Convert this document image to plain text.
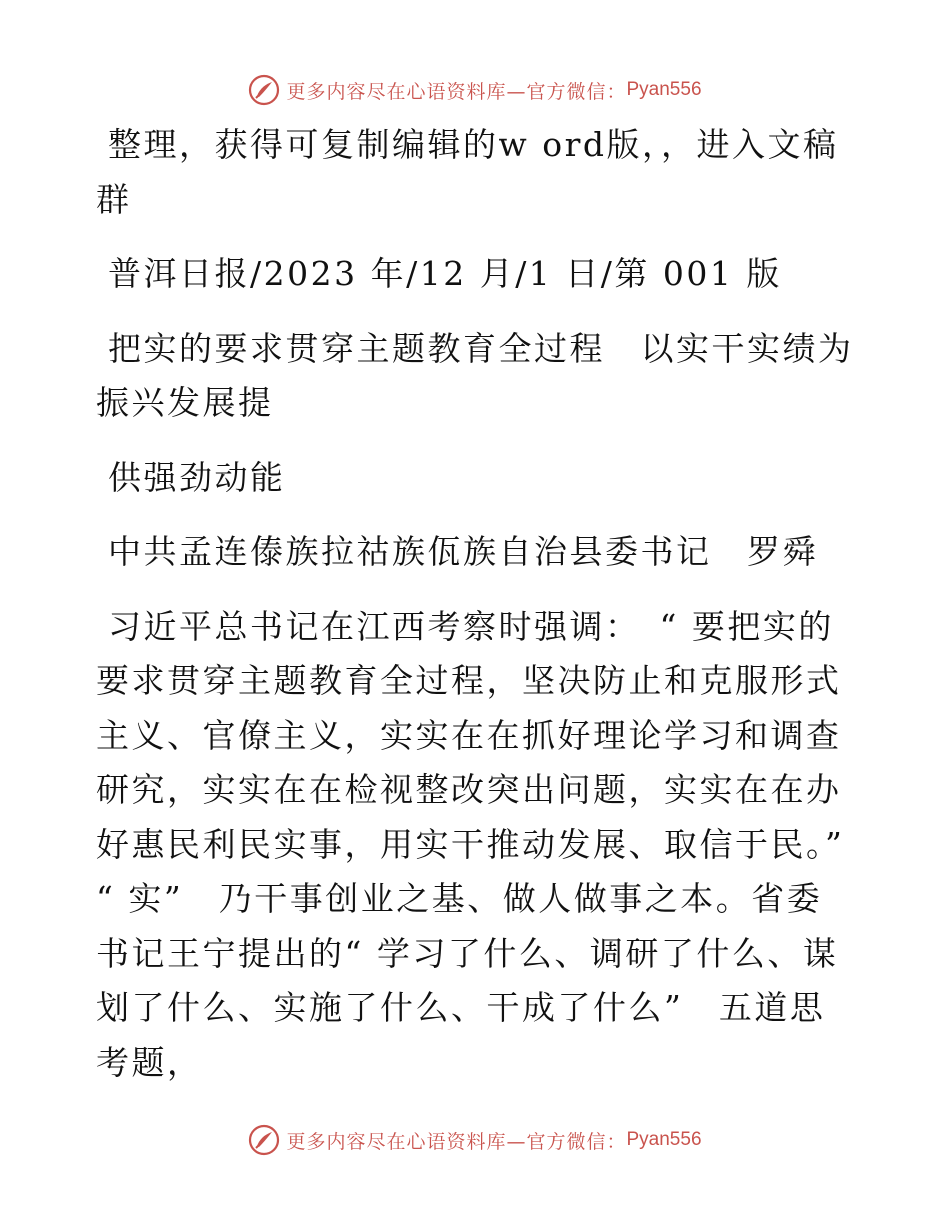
更多内容尽在心语资料库—官方微信： Pyan556

整理，获得可复制编辑的w ord版，，进入文稿群

普洱日报/2023 年/12 月/1 日/第 001 版

把实的要求贯穿主题教育全过程　以实干实绩为振兴发展提

供强劲动能

中共孟连傣族拉祜族佤族自治县委书记　罗舜

习近平总书记在江西考察时强调：　“ 要把实的要求贯穿主题教育全过程，坚决防止和克服形式主义、官僚主义，实实在在抓好理论学习和调查研究，实实在在检视整改突出问题，实实在在办好惠民利民实事，用实干推动发展、取信于民。” “ 实”　乃干事创业之基、做人做事之本。省委书记王宁提出的“ 学习了什么、调研了什么、谋划了什么、实施了什么、干成了什么”　五道思考题，

更多内容尽在心语资料库—官方微信： Pyan556
